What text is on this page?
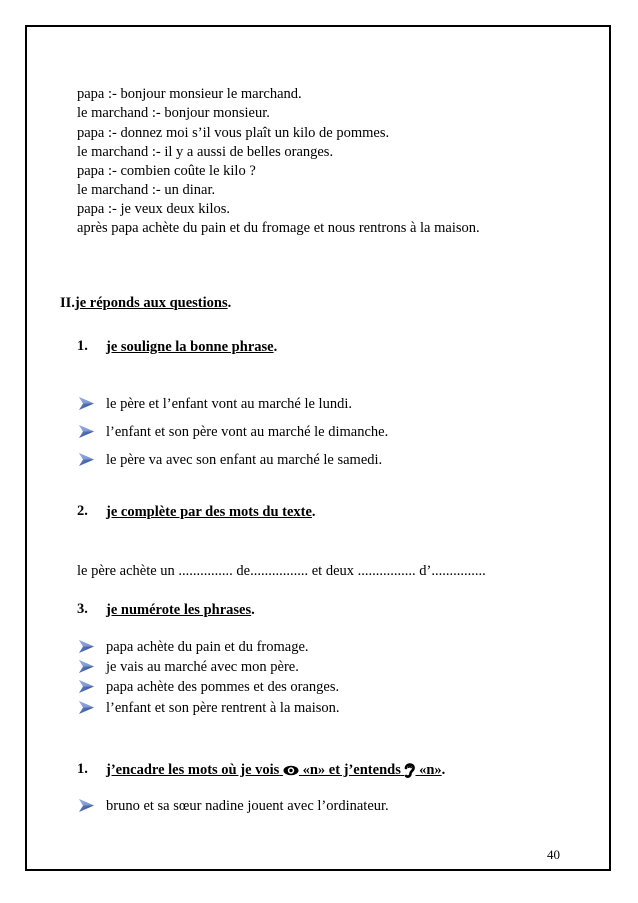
papa :- bonjour monsieur le marchand.
le marchand :- bonjour monsieur.
papa :- donnez moi s’il vous plaît un kilo de pommes.
le marchand :- il y a aussi de belles oranges.
papa :- combien coûte le kilo ?
le marchand :- un dinar.
papa :- je veux deux kilos.
après papa achète du pain et du fromage et nous rentrons à la maison.
II.je réponds aux questions.
1. je souligne la bonne phrase.
le père et l’enfant vont au marché le lundi.
l’enfant et son père vont au marché le dimanche.
le père va avec son enfant au marché le samedi.
2. je complète par des mots du texte.
le père achète un ............... de................ et deux ................ d’...............
3. je numérote les phrases.
papa achète du pain et du fromage.
je vais au marché avec mon père.
papa achète des pommes et des oranges.
l’enfant et son père rentrent à la maison.
1. j’encadre les mots où je vois «n» et j’entends «n».
bruno et sa sœur nadine jouent avec l’ordinateur.
40
